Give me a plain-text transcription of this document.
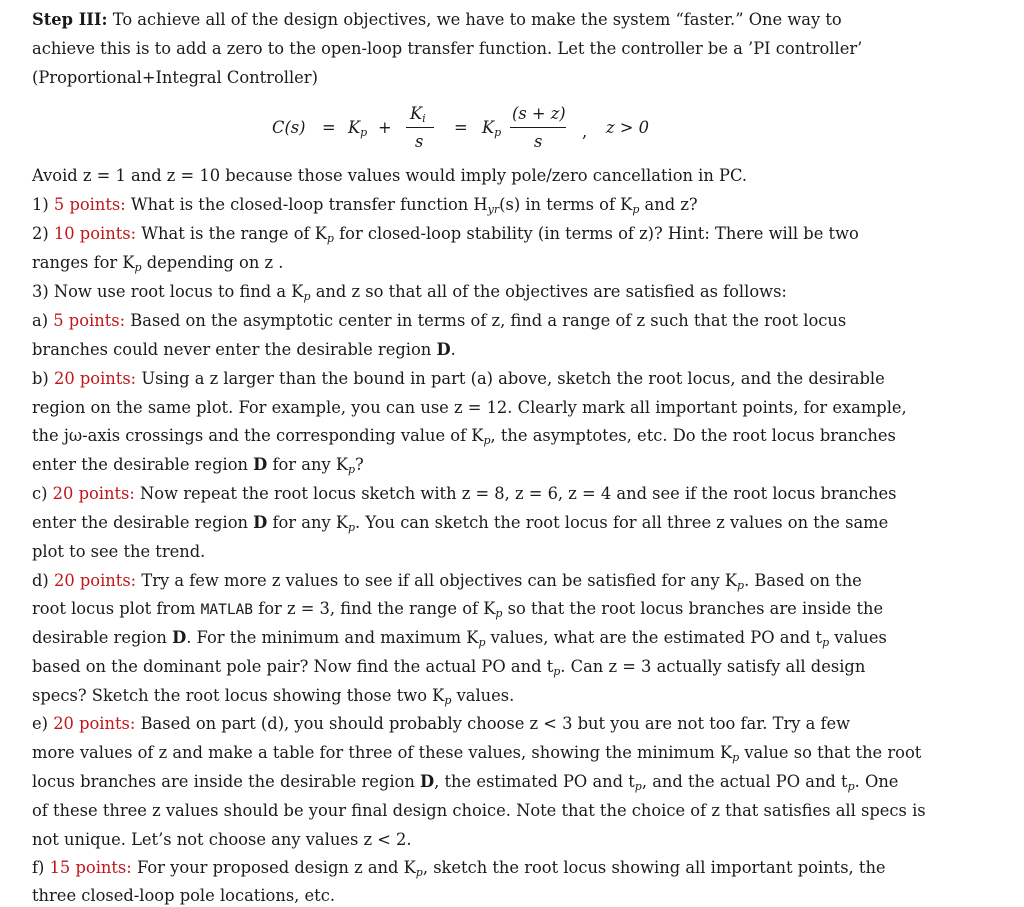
Step III: To achieve all of the design objectives, we have to make the system “faster.” One way to
achieve this is to add a zero to the open-loop transfer function. Let the controller be a ’PI controller’
(Proportional+Integral Controller)
$C(s) = K_p$ +
$K_i$
s
= $K_p$
(s + z)
s
, z > 0
Avoid z = 1 and z = 10 because those values would imply pole/zero cancellation in PC.
1) 5 points: What is the closed-loop transfer function $H_{yr}(s)$ in terms of $K_p$ and z?
2) 10 points: What is the range of $K_p$ for closed-loop stability (in terms of z)? Hint: There will be two
ranges for $K_p$ depending on z .
3) Now use root locus to find a $K_p$ and z so that all of the objectives are satisfied as follows:
a) 5 points: Based on the asymptotic center in terms of z, find a range of z such that the root locus
branches could never enter the desirable region D.
b) 20 points: Using a z larger than the bound in part (a) above, sketch the root locus, and the desirable
region on the same plot. For example, you can use z = 12. Clearly mark all important points, for example,
the jω-axis crossings and the corresponding value of $K_p$, the asymptotes, etc. Do the root locus branches
enter the desirable region D for any $K_p$?
c) 20 points: Now repeat the root locus sketch with z = 8, z = 6, z = 4 and see if the root locus branches
enter the desirable region D for any $K_p$. You can sketch the root locus for all three z values on the same
plot to see the trend.
d) 20 points: Try a few more z values to see if all objectives can be satisfied for any $K_p$. Based on the
root locus plot from MATLAB for z = 3, find the range of $K_p$ so that the root locus branches are inside the
desirable region D. For the minimum and maximum $K_p$ values, what are the estimated PO and $t_p$ values
based on the dominant pole pair? Now find the actual PO and $t_p$. Can z = 3 actually satisfy all design
specs? Sketch the root locus showing those two $K_p$ values.
e) 20 points: Based on part (d), you should probably choose z < 3 but you are not too far. Try a few
more values of z and make a table for three of these values, showing the minimum $K_p$ value so that the root
locus branches are inside the desirable region D, the estimated PO and $t_p$, and the actual PO and $t_p$. One
of these three z values should be your final design choice. Note that the choice of z that satisfies all specs is
not unique. Let’s not choose any values z < 2.
f) 15 points: For your proposed design z and $K_p$, sketch the root locus showing all important points, the
three closed-loop pole locations, etc.
